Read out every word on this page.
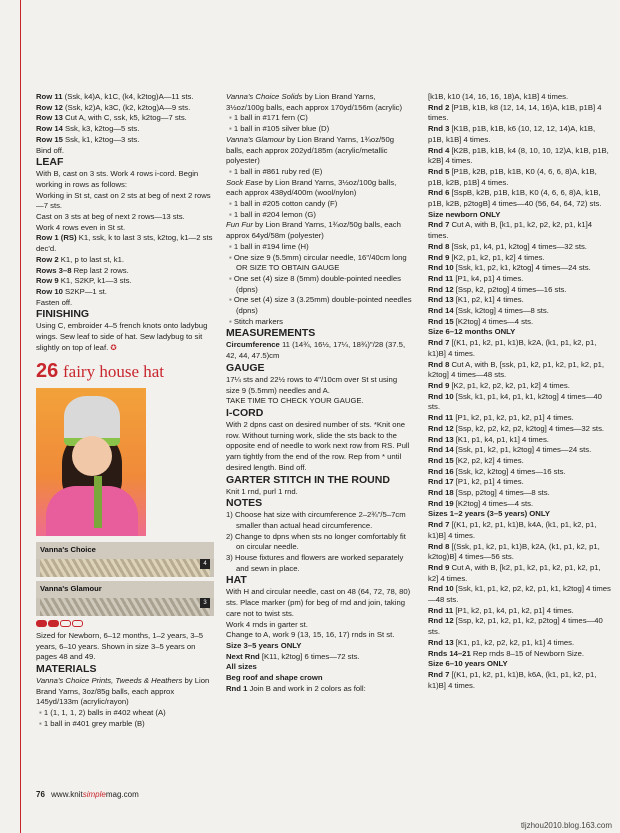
Row 11 (Ssk, k4)A, k1C, (k4, k2tog)A—11 sts.

Row 12 (Ssk, k2)A, k3C, (k2, k2tog)A—9 sts.

Row 13 Cut A, with C, ssk, k5, k2tog—7 sts.

Row 14 Ssk, k3, k2tog—5 sts.

Row 15 Ssk, k1, k2tog—3 sts.

Bind off.

LEAF

With B, cast on 3 sts. Work 4 rows i-cord. Begin working in rows as follows:

Working in St st, cast on 2 sts at beg of next 2 rows—7 sts.

Cast on 3 sts at beg of next 2 rows—13 sts.

Work 4 rows even in St st.

Row 1 (RS) K1, ssk, k to last 3 sts, k2tog, k1—2 sts dec'd.

Row 2 K1, p to last st, k1.

Rows 3–8 Rep last 2 rows.

Row 9 K1, S2KP, k1—3 sts.

Row 10 S2KP—1 st.

Fasten off.

FINISHING

Using C, embroider 4–5 french knots onto ladybug wings. Sew leaf to side of hat. Sew ladybug to sit slightly on top of leaf. ✪

26 fairy house hat
Vanna's Choice
4
Vanna's Glamour
3

Sized for Newborn, 6–12 months, 1–2 years, 3–5 years, 6–10 years. Shown in size 3–5 years on pages 48 and 49.

MATERIALS

Vanna's Choice Prints, Tweeds & Heathers by Lion Brand Yarns, 3oz/85g balls, each approx 145yd/133m (acrylic/rayon)

▪ 1 (1, 1, 1, 2) balls in #402 wheat (A)

▪ 1 ball in #401 grey marble (B)

Vanna's Choice Solids by Lion Brand Yarns, 3½oz/100g balls, each approx 170yd/156m (acrylic)

▪ 1 ball in #171 fern (C)

▪ 1 ball in #105 silver blue (D)

Vanna's Glamour by Lion Brand Yarns, 1¾oz/50g balls, each approx 202yd/185m (acrylic/metallic polyester)

▪ 1 ball in #861 ruby red (E)

Sock Ease by Lion Brand Yarns, 3½oz/100g balls, each approx 438yd/400m (wool/nylon)

▪ 1 ball in #205 cotton candy (F)

▪ 1 ball in #204 lemon (G)

Fun Fur by Lion Brand Yarns, 1¾oz/50g balls, each approx 64yd/58m (polyester)

▪ 1 ball in #194 lime (H)

▪ One size 9 (5.5mm) circular needle, 16"/40cm long OR SIZE TO OBTAIN GAUGE

▪ One set (4) size 8 (5mm) double-pointed needles (dpns)

▪ One set (4) size 3 (3.25mm) double-pointed needles (dpns)

▪ Stitch markers

MEASUREMENTS

Circumference 11 (14¾, 16½, 17¼, 18¾)"/28 (37.5, 42, 44, 47.5)cm

GAUGE

17¼ sts and 22½ rows to 4"/10cm over St st using size 9 (5.5mm) needles and A.

TAKE TIME TO CHECK YOUR GAUGE.

I-CORD

With 2 dpns cast on desired number of sts. *Knit one row. Without turning work, slide the sts back to the opposite end of needle to work next row from RS. Pull yarn tightly from the end of the row. Rep from * until desired length. Bind off.

GARTER STITCH IN THE ROUND

Knit 1 rnd, purl 1 rnd.

NOTES

1) Choose hat size with circumference 2–2¾"/5–7cm smaller than actual head circumference.

2) Change to dpns when sts no longer comfortably fit on circular needle.

3) House fixtures and flowers are worked separately and sewn in place.

HAT

With H and circular needle, cast on 48 (64, 72, 78, 80) sts. Place marker (pm) for beg of rnd and join, taking care not to twist sts.

Work 4 rnds in garter st.

Change to A, work 9 (13, 15, 16, 17) rnds in St st.

Size 3–5 years ONLY

Next Rnd [K11, k2tog] 6 times—72 sts.

All sizes

Beg roof and shape crown

Rnd 1 Join B and work in 2 colors as foll:

[k1B, k10 (14, 16, 16, 18)A, k1B] 4 times.

Rnd 2 [P1B, k1B, k8 (12, 14, 14, 16)A, k1B, p1B] 4 times.

Rnd 3 [K1B, p1B, k1B, k6 (10, 12, 12, 14)A, k1B, p1B, k1B] 4 times.

Rnd 4 [K2B, p1B, k1B, k4 (8, 10, 10, 12)A, k1B, p1B, k2B] 4 times.

Rnd 5 [P1B, k2B, p1B, k1B, K0 (4, 6, 6, 8)A, k1B, p1B, k2B, p1B] 4 times.

Rnd 6 [SspB, k2B, p1B, k1B, K0 (4, 6, 6, 8)A, k1B, p1B, k2B, p2togB] 4 times—40 (56, 64, 64, 72) sts.

Size newborn ONLY

Rnd 7 Cut A, with B, [k1, p1, k2, p2, k2, p1, k1]4 times.

Rnd 8 [Ssk, p1, k4, p1, k2tog] 4 times—32 sts.

Rnd 9 [K2, p1, k2, p1, k2] 4 times.

Rnd 10 [Ssk, k1, p2, k1, k2tog] 4 times—24 sts.

Rnd 11 [P1, k4, p1] 4 times.

Rnd 12 [Ssp, k2, p2tog] 4 times—16 sts.

Rnd 13 [K1, p2, k1] 4 times.

Rnd 14 [Ssk, k2tog] 4 times—8 sts.

Rnd 15 [K2tog] 4 times—4 sts.

Size 6–12 months ONLY

Rnd 7 [(K1, p1, k2, p1, k1)B, k2A, (k1, p1, k2, p1, k1)B] 4 times.

Rnd 8 Cut A, with B, [ssk, p1, k2, p1, k2, p1, k2, p1, k2tog] 4 times—48 sts.

Rnd 9 [K2, p1, k2, p2, k2, p1, k2] 4 times.

Rnd 10 [Ssk, k1, p1, k4, p1, k1, k2tog] 4 times—40 sts.

Rnd 11 [P1, k2, p1, k2, p1, k2, p1] 4 times.

Rnd 12 [Ssp, k2, p2, k2, p2, k2tog] 4 times—32 sts.

Rnd 13 [K1, p1, k4, p1, k1] 4 times.

Rnd 14 [Ssk, p1, k2, p1, k2tog] 4 times—24 sts.

Rnd 15 [K2, p2, k2] 4 times.

Rnd 16 [Ssk, k2, k2tog] 4 times—16 sts.

Rnd 17 [P1, k2, p1] 4 times.

Rnd 18 [Ssp, p2tog] 4 times—8 sts.

Rnd 19 [K2tog] 4 times—4 sts.

Sizes 1–2 years (3–5 years) ONLY

Rnd 7 [(K1, p1, k2, p1, k1)B, k4A, (k1, p1, k2, p1, k1)B] 4 times.

Rnd 8 [(Ssk, p1, k2, p1, k1)B, k2A, (k1, p1, k2, p1, k2tog)B] 4 times—56 sts.

Rnd 9 Cut A, with B, [k2, p1, k2, p1, k2, p1, k2, p1, k2] 4 times.

Rnd 10 [Ssk, k1, p1, k2, p2, k2, p1, k1, k2tog] 4 times—48 sts.

Rnd 11 [P1, k2, p1, k4, p1, k2, p1] 4 times.

Rnd 12 [Ssp, k2, p1, k2, p1, k2, p2tog] 4 times—40 sts.

Rnd 13 [K1, p1, k2, p2, k2, p1, k1] 4 times.

Rnds 14–21 Rep rnds 8–15 of Newborn Size.

Size 6–10 years ONLY

Rnd 7 [(K1, p1, k2, p1, k1)B, k6A, (k1, p1, k2, p1, k1)B] 4 times.

76 www.knitsimplemag.com
tljzhou2010.blog.163.com
